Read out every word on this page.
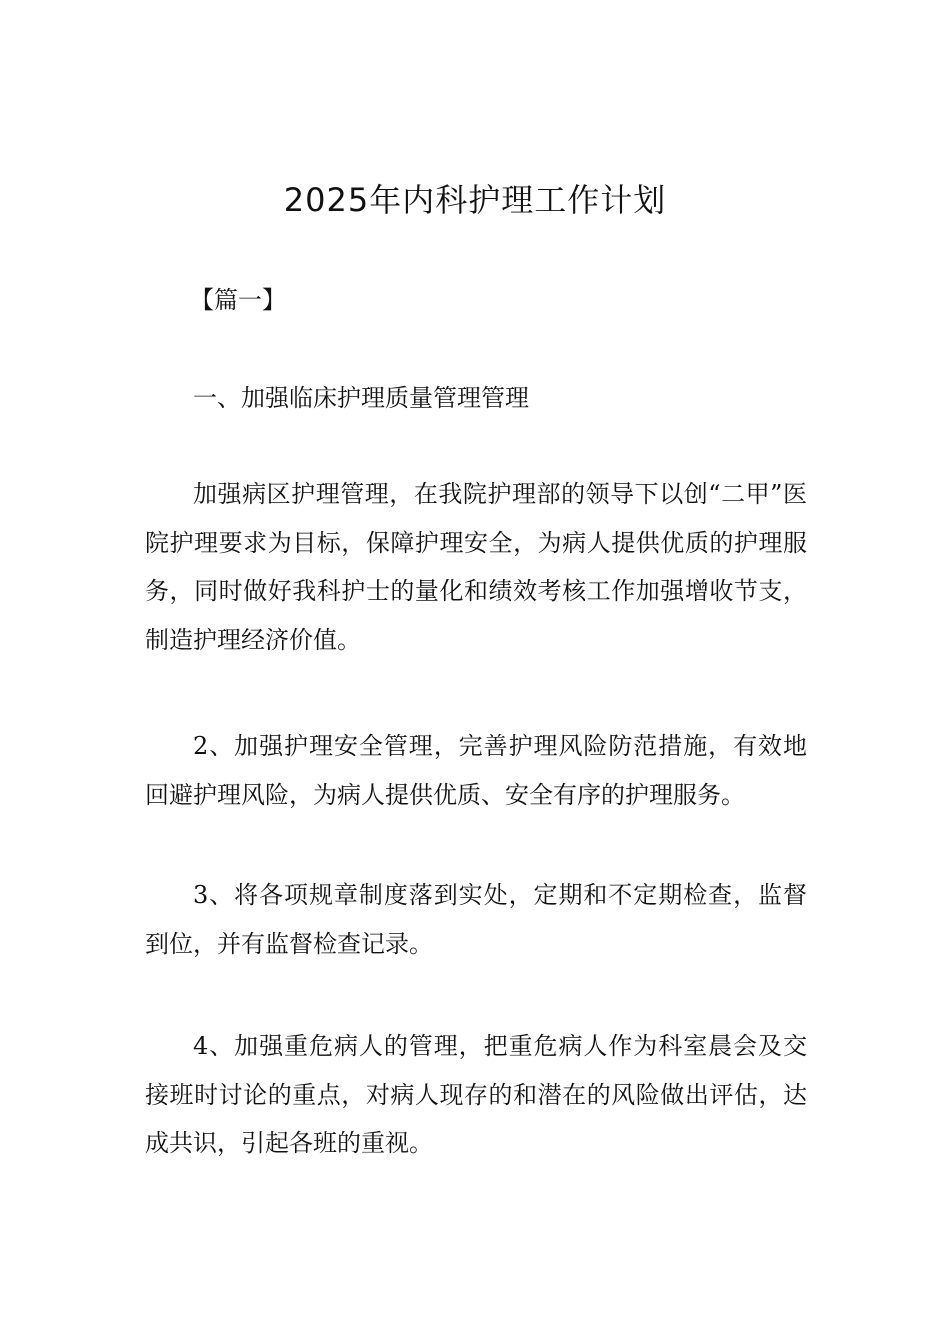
2025年内科护理工作计划
【篇一】

一、加强临床护理质量管理管理

加强病区护理管理，在我院护理部的领导下以创“二甲”医院护理要求为目标，保障护理安全，为病人提供优质的护理服务，同时做好我科护士的量化和绩效考核工作加强增收节支，制造护理经济价值。

2、加强护理安全管理，完善护理风险防范措施，有效地回避护理风险，为病人提供优质、安全有序的护理服务。

3、将各项规章制度落到实处，定期和不定期检查，监督到位，并有监督检查记录。

4、加强重危病人的管理，把重危病人作为科室晨会及交接班时讨论的重点，对病人现存的和潜在的风险做出评估，达成共识，引起各班的重视。
